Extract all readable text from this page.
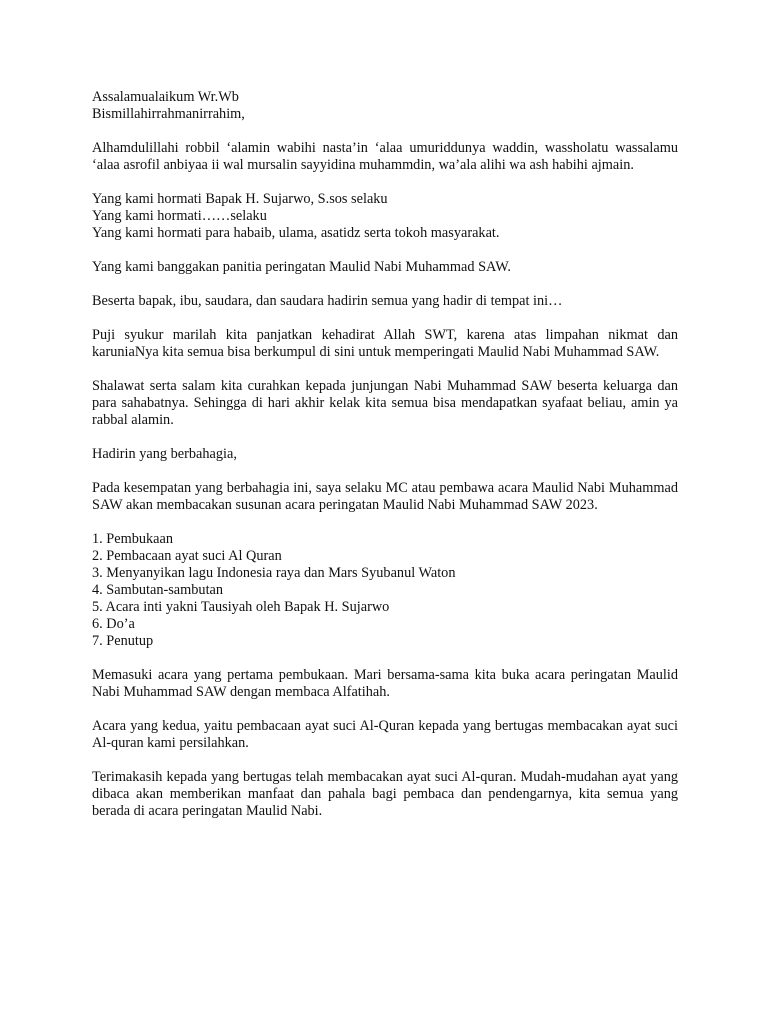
Assalamualaikum Wr.Wb
Bismillahirrahmanirrahim,

Alhamdulillahi robbil ‘alamin wabihi nasta’in ‘alaa umuriddunya waddin, wassholatu wassalamu ‘alaa asrofil anbiyaa ii wal mursalin sayyidina muhammdin, wa’ala alihi wa ash habihi ajmain.

Yang kami hormati Bapak H. Sujarwo, S.sos selaku
Yang kami hormati……selaku
Yang kami hormati para habaib, ulama, asatidz serta tokoh masyarakat.

Yang kami banggakan panitia peringatan Maulid Nabi Muhammad SAW.

Beserta bapak, ibu, saudara, dan saudara hadirin semua yang hadir di tempat ini…

Puji syukur marilah kita panjatkan kehadirat Allah SWT, karena atas limpahan nikmat dan karuniaNya kita semua bisa berkumpul di sini untuk memperingati Maulid Nabi Muhammad SAW.

Shalawat serta salam kita curahkan kepada junjungan Nabi Muhammad SAW beserta keluarga dan para sahabatnya. Sehingga di hari akhir kelak kita semua bisa mendapatkan syafaat beliau, amin ya rabbal alamin.

Hadirin yang berbahagia,

Pada kesempatan yang berbahagia ini, saya selaku MC atau pembawa acara Maulid Nabi Muhammad SAW akan membacakan susunan acara peringatan Maulid Nabi Muhammad SAW 2023.

1. Pembukaan
2. Pembacaan ayat suci Al Quran
3. Menyanyikan lagu Indonesia raya dan Mars Syubanul Waton
4. Sambutan-sambutan
5. Acara inti yakni Tausiyah oleh Bapak H. Sujarwo
6. Do’a
7. Penutup

Memasuki acara yang pertama pembukaan. Mari bersama-sama kita buka acara peringatan Maulid Nabi Muhammad SAW dengan membaca Alfatihah.

Acara yang kedua, yaitu pembacaan ayat suci Al-Quran kepada yang bertugas membacakan ayat suci Al-quran kami persilahkan.

Terimakasih kepada yang bertugas telah membacakan ayat suci Al-quran. Mudah-mudahan ayat yang dibaca akan memberikan manfaat dan pahala bagi pembaca dan pendengarnya, kita semua yang berada di acara peringatan Maulid Nabi.
